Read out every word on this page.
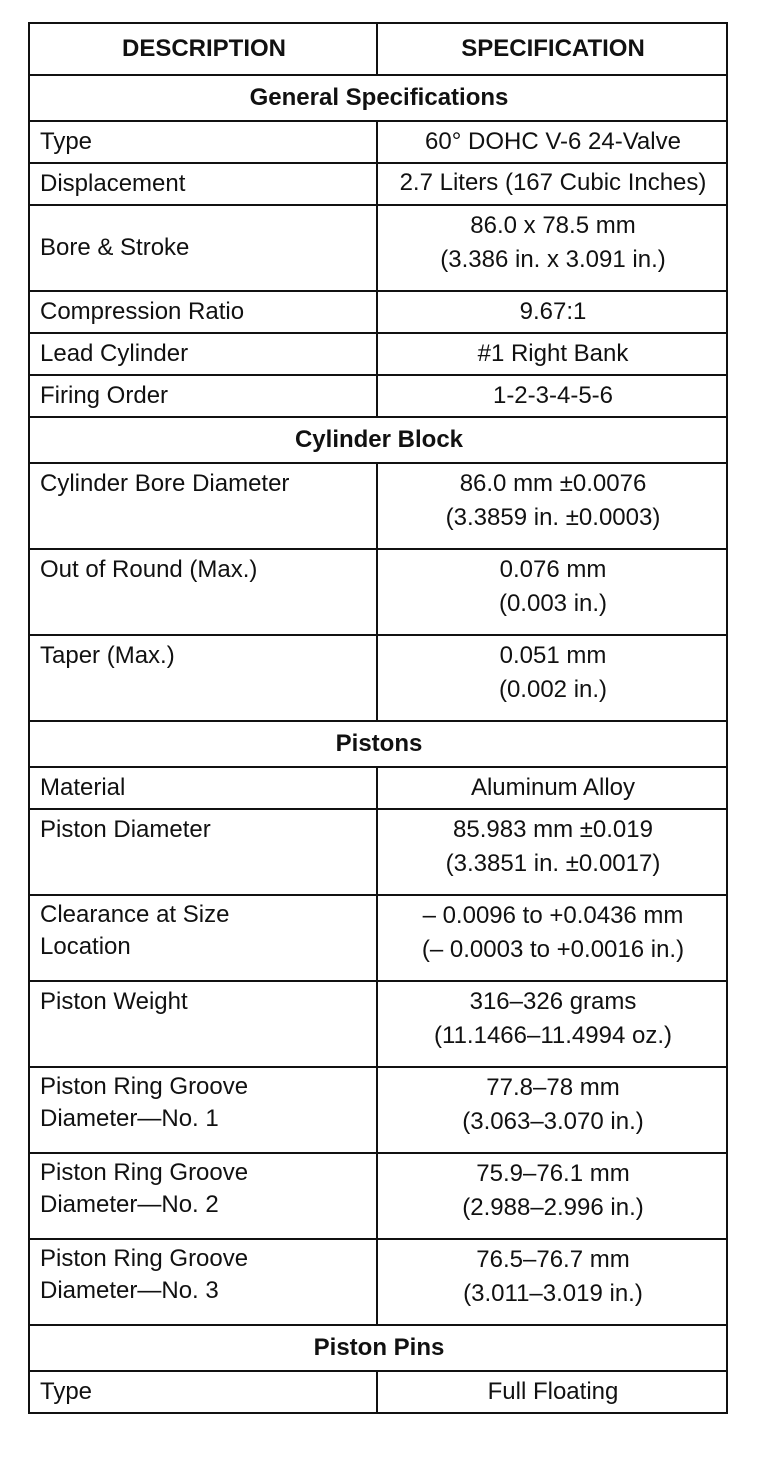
DESCRIPTION	SPECIFICATION
General Specifications	
Type	60° DOHC V-6 24-Valve
Displacement	2.7 Liters (167 Cubic Inches)
Bore & Stroke	86.0 x 78.5 mm
(3.386 in. x 3.091 in.)

Compression Ratio	9.67:1
Lead Cylinder	#1 Right Bank
Firing Order	1-2-3-4-5-6
Cylinder Block	
Cylinder Bore Diameter	86.0 mm ±0.0076
(3.3859 in. ±0.0003)

Out of Round (Max.)	0.076 mm
(0.003 in.)

Taper (Max.)	0.051 mm
(0.002 in.)

Pistons	
Material	Aluminum Alloy
Piston Diameter	85.983 mm ±0.019
(3.3851 in. ±0.0017)

Clearance at Size
Location	– 0.0096 to +0.0436 mm
(– 0.0003 to +0.0016 in.)

Piston Weight	316–326 grams
(11.1466–11.4994 oz.)

Piston Ring Groove
Diameter—No. 1	77.8–78 mm
(3.063–3.070 in.)

Piston Ring Groove
Diameter—No. 2	75.9–76.1 mm
(2.988–2.996 in.)

Piston Ring Groove
Diameter—No. 3	76.5–76.7 mm
(3.011–3.019 in.)

Piston Pins	
Type	Full Floating
